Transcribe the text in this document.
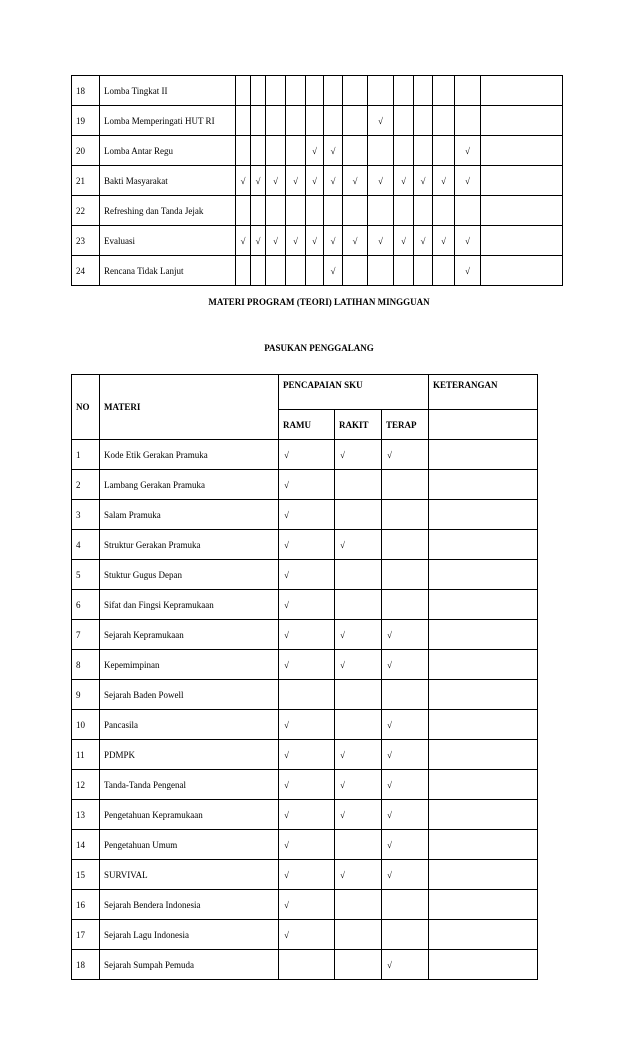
18	Lomba Tingkat II														
19	Lomba Memperingati HUT RI								√						
20	Lomba Antar Regu					√	√						√		
21	Bakti Masyarakat	√	√	√	√	√	√	√	√	√	√	√	√		
22	Refreshing dan Tanda Jejak														
23	Evaluasi	√	√	√	√	√	√	√	√	√	√	√	√		
24	Rencana Tidak Lanjut						√						√		
MATERI PROGRAM (TEORI) LATIHAN MINGGUAN
PASUKAN PENGGALANG
NO	MATERI	PENCAPAIAN SKU			KETERANGAN
		RAMU	RAKIT	TERAP	
1	Kode Etik Gerakan Pramuka	√	√	√	
2	Lambang Gerakan Pramuka	√			
3	Salam Pramuka	√			
4	Struktur Gerakan Pramuka	√	√		
5	Stuktur Gugus Depan	√			
6	Sifat dan Fingsi Kepramukaan	√			
7	Sejarah Kepramukaan	√	√	√	
8	Kepemimpinan	√	√	√	
9	Sejarah Baden Powell				
10	Pancasila	√		√	
11	PDMPK	√	√	√	
12	Tanda-Tanda Pengenal	√	√	√	
13	Pengetahuan Kepramukaan	√	√	√	
14	Pengetahuan Umum	√		√	
15	SURVIVAL	√	√	√	
16	Sejarah Bendera Indonesia	√			
17	Sejarah Lagu Indonesia	√			
18	Sejarah Sumpah Pemuda			√	
